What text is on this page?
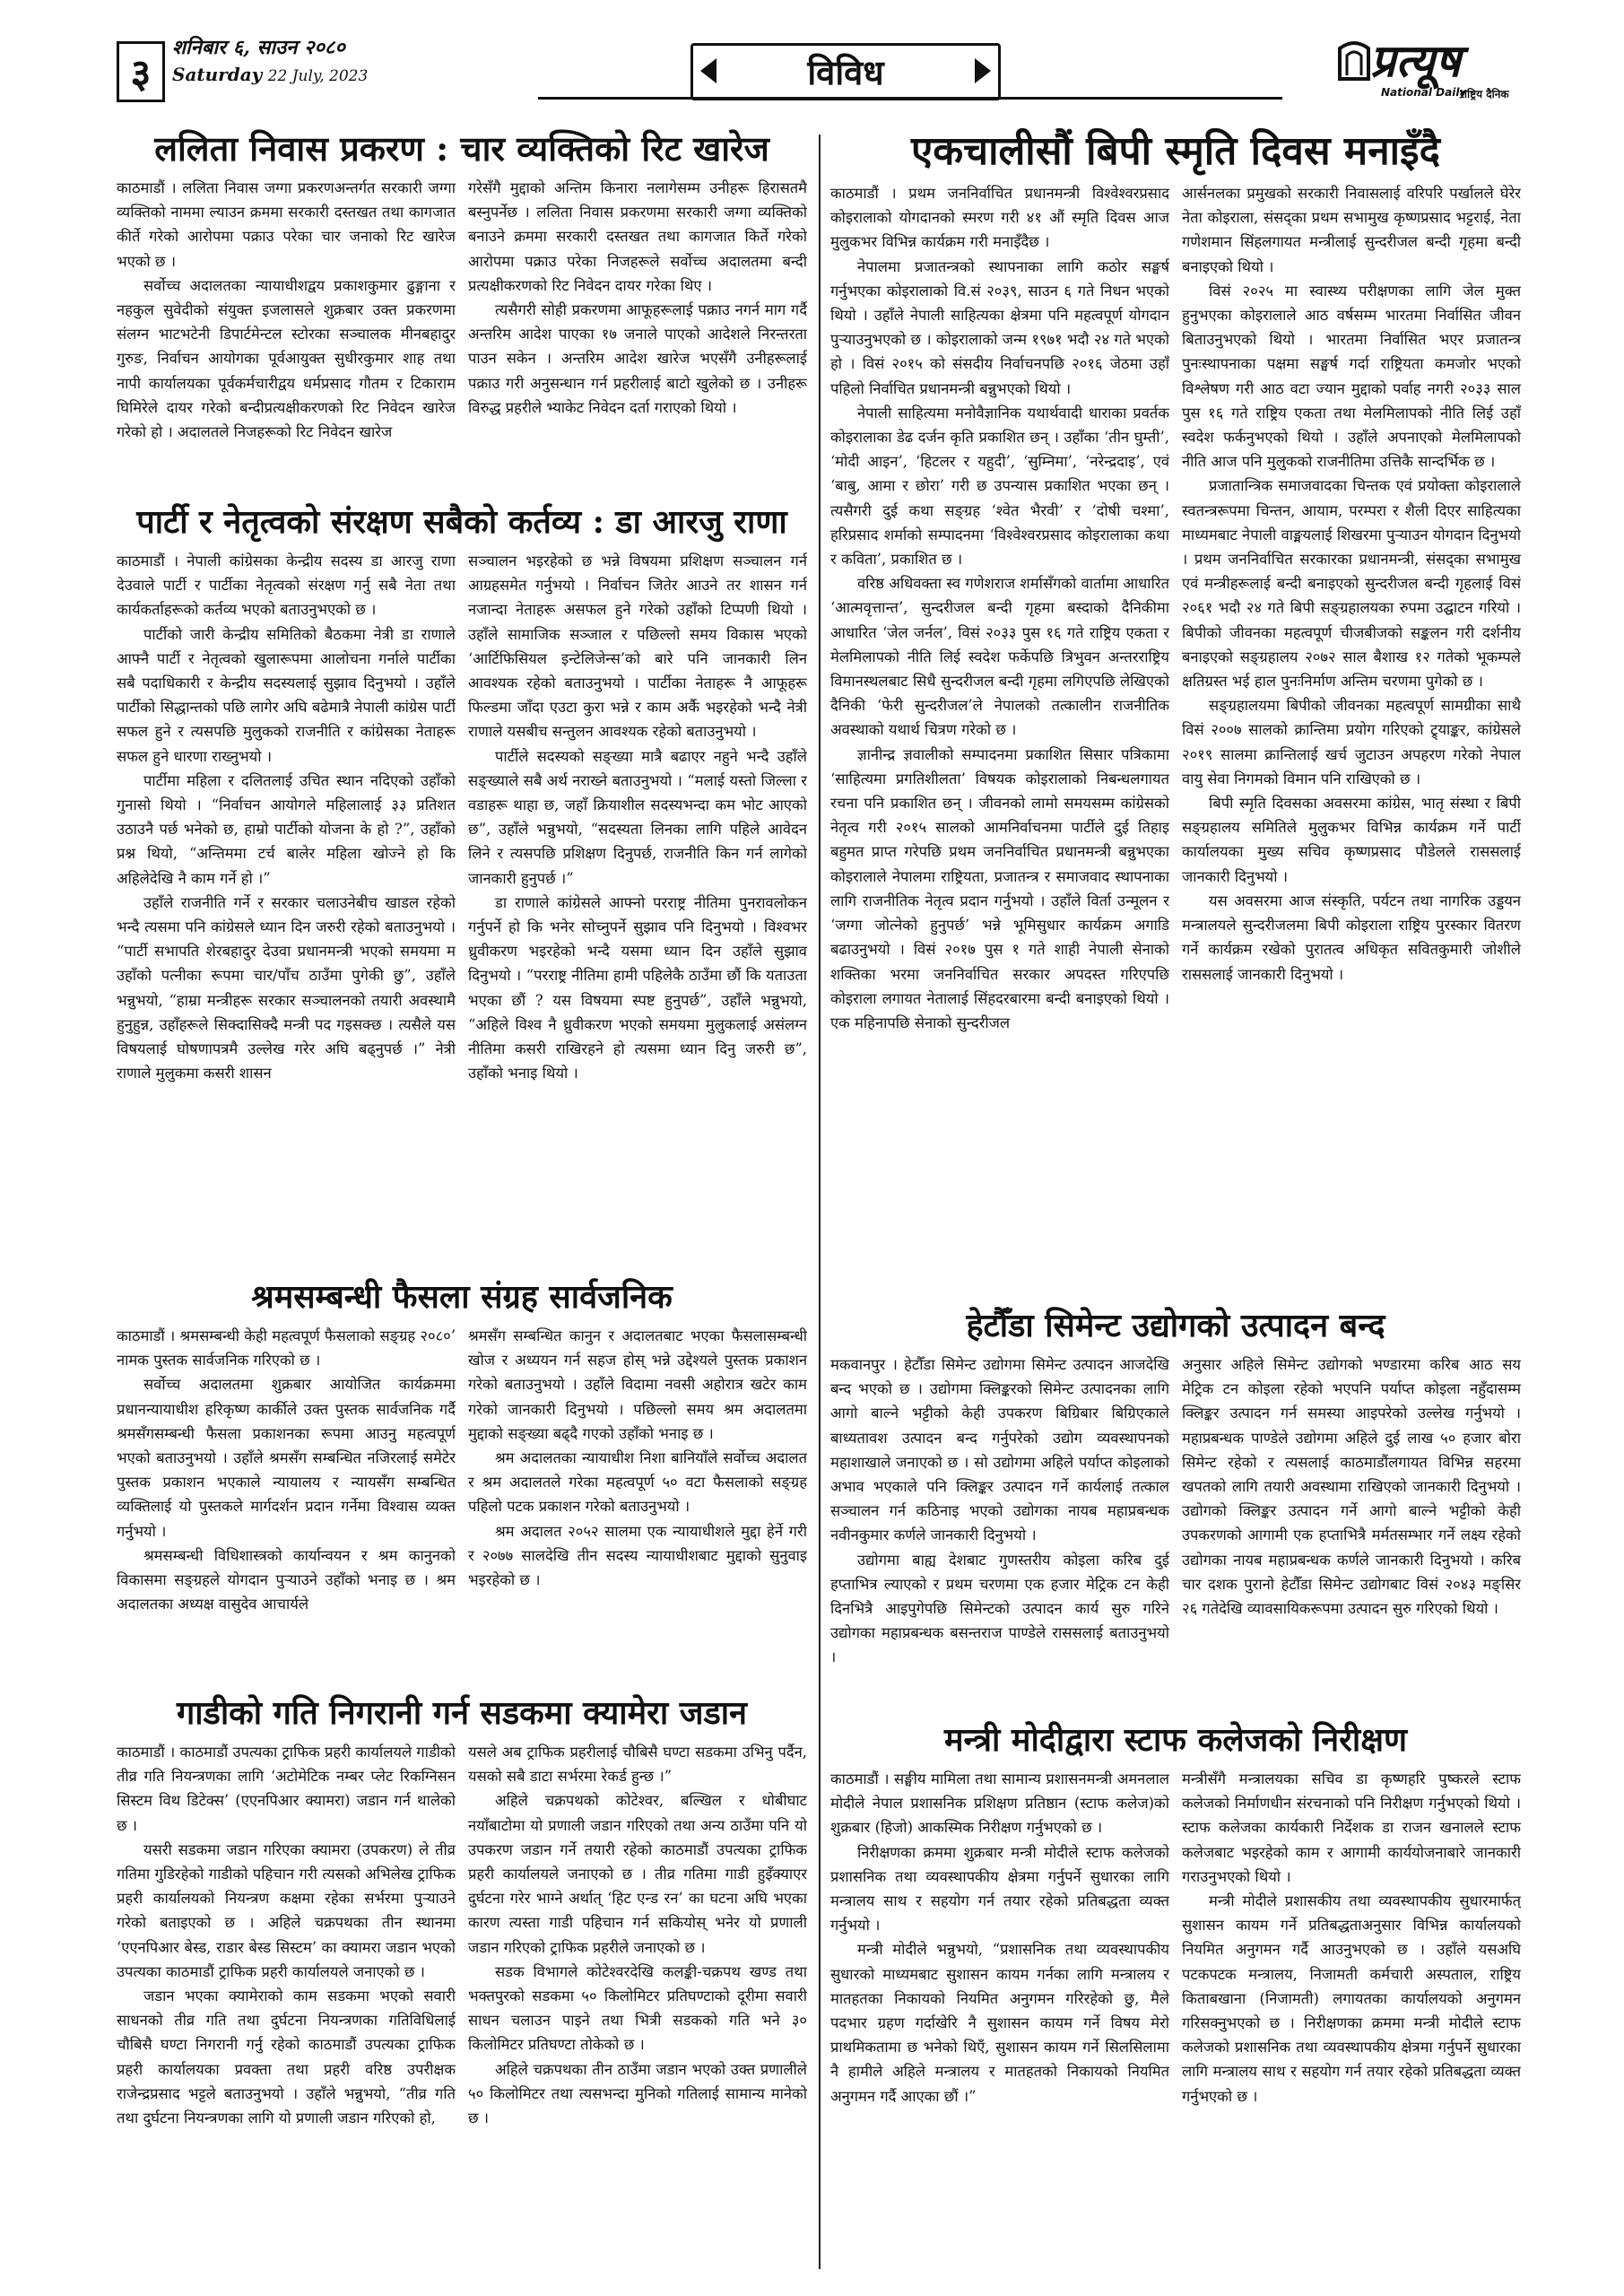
३
शनिबार ६, साउन २०८०
Saturday 22 July, 2023	विविध	प्रत्यूष
National Daily
राष्ट्रिय दैनिक
ललिता निवास प्रकरण : चार व्यक्तिको रिट खारेज

काठमाडौं । ललिता निवास जग्गा प्रकरणअन्तर्गत सरकारी जग्गा व्यक्तिको नाममा ल्याउन क्रममा सरकारी दस्तखत तथा कागजात कीर्ते गरेको आरोपमा पक्राउ परेका चार जनाको रिट खारेज भएको छ ।

सर्वोच्च अदालतका न्यायाधीशद्वय प्रकाशकुमार ढुङ्गाना र नहकुल सुवेदीको संयुक्त इजलासले शुक्रबार उक्त प्रकरणमा संलग्न भाटभटेनी डिपार्टमेन्टल स्टोरका सञ्चालक मीनबहादुर गुरुङ, निर्वाचन आयोगका पूर्वआयुक्त सुधीरकुमार शाह तथा नापी कार्यालयका पूर्वकर्मचारीद्वय धर्मप्रसाद गौतम र टिकाराम घिमिरेले दायर गरेको बन्दीप्रत्यक्षीकरणको रिट निवेदन खारेज गरेको हो । अदालतले निजहरूको रिट निवेदन खारेज

गरेसँगै मुद्दाको अन्तिम किनारा नलागेसम्म उनीहरू हिरासतमै बस्नुपर्नेछ । ललिता निवास प्रकरणमा सरकारी जग्गा व्यक्तिको बनाउने क्रममा सरकारी दस्तखत तथा कागजात किर्ते गरेको आरोपमा पक्राउ परेका निजहरूले सर्वोच्च अदालतमा बन्दी प्रत्यक्षीकरणको रिट निवेदन दायर गरेका थिए ।

त्यसैगरी सोही प्रकरणमा आफूहरूलाई पक्राउ नगर्न माग गर्दै अन्तरिम आदेश पाएका १७ जनाले पाएको आदेशले निरन्तरता पाउन सकेन । अन्तरिम आदेश खारेज भएसँगै उनीहरूलाई पक्राउ गरी अनुसन्धान गर्न प्रहरीलाई बाटो खुलेको छ । उनीहरू विरुद्ध प्रहरीले भ्याकेट निवेदन दर्ता गराएको थियो ।

पार्टी र नेतृत्वको संरक्षण सबैको कर्तव्य : डा आरजु राणा

काठमाडौं । नेपाली कांग्रेसका केन्द्रीय सदस्य डा आरजु राणा देउवाले पार्टी र पार्टीका नेतृत्वको संरक्षण गर्नु सबै नेता तथा कार्यकर्ताहरूको कर्तव्य भएको बताउनुभएको छ ।

पार्टीको जारी केन्द्रीय समितिको बैठकमा नेत्री डा राणाले आफ्नै पार्टी र नेतृत्वको खुलारूपमा आलोचना गर्नाले पार्टीका सबै पदाधिकारी र केन्द्रीय सदस्यलाई सुझाव दिनुभयो । उहाँले पार्टीको सिद्धान्तको पछि लागेर अघि बढेमात्रै नेपाली कांग्रेस पार्टी सफल हुने र त्यसपछि मुलुकको राजनीति र कांग्रेसका नेताहरू सफल हुने धारणा राख्नुभयो ।

पार्टीमा महिला र दलितलाई उचित स्थान नदिएको उहाँको गुनासो थियो । “निर्वाचन आयोगले महिलालाई ३३ प्रतिशत उठाउनै पर्छ भनेको छ, हाम्रो पार्टीको योजना के हो ?”, उहाँको प्रश्न थियो, “अन्तिममा टर्च बालेर महिला खोज्ने हो कि अहिलेदेखि नै काम गर्ने हो ।”

उहाँले राजनीति गर्ने र सरकार चलाउनेबीच खाडल रहेको भन्दै त्यसमा पनि कांग्रेसले ध्यान दिन जरुरी रहेको बताउनुभयो । “पार्टी सभापति शेरबहादुर देउवा प्रधानमन्त्री भएको समयमा म उहाँको पत्नीका रूपमा चार/पाँच ठाउँमा पुगेकी छु”, उहाँले भन्नुभयो, “हाम्रा मन्त्रीहरू सरकार सञ्चालनको तयारी अवस्थामै हुनुहुन्न, उहाँहरूले सिक्दासिक्दै मन्त्री पद गइसक्छ । त्यसैले यस विषयलाई घोषणापत्रमै उल्लेख गरेर अघि बढ्नुपर्छ ।” नेत्री राणाले मुलुकमा कसरी शासन

सञ्चालन भइरहेको छ भन्ने विषयमा प्रशिक्षण सञ्चालन गर्न आग्रहसमेत गर्नुभयो । निर्वाचन जितेर आउने तर शासन गर्न नजान्दा नेताहरू असफल हुने गरेको उहाँको टिप्पणी थियो । उहाँले सामाजिक सञ्जाल र पछिल्लो समय विकास भएको ‘आर्टिफिसियल इन्टेलिजेन्स’को बारे पनि जानकारी लिन आवश्यक रहेको बताउनुभयो । पार्टीका नेताहरू नै आफूहरू फिल्डमा जाँदा एउटा कुरा भन्ने र काम अर्कै भइरहेको भन्दै नेत्री राणाले यसबीच सन्तुलन आवश्यक रहेको बताउनुभयो ।

पार्टीले सदस्यको सङ्ख्या मात्रै बढाएर नहुने भन्दै उहाँले सङ्ख्याले सबै अर्थ नराख्ने बताउनुभयो । “मलाई यस्तो जिल्ला र वडाहरू थाहा छ, जहाँ क्रियाशील सदस्यभन्दा कम भोट आएको छ”, उहाँले भन्नुभयो, “सदस्यता लिनका लागि पहिले आवेदन लिने र त्यसपछि प्रशिक्षण दिनुपर्छ, राजनीति किन गर्न लागेको जानकारी हुनुपर्छ ।”

डा राणाले कांग्रेसले आफ्नो परराष्ट्र नीतिमा पुनरावलोकन गर्नुपर्ने हो कि भनेर सोच्नुपर्ने सुझाव पनि दिनुभयो । विश्वभर ध्रुवीकरण भइरहेको भन्दै यसमा ध्यान दिन उहाँले सुझाव दिनुभयो । “परराष्ट्र नीतिमा हामी पहिलेकै ठाउँमा छौं कि यताउता भएका छौं ? यस विषयमा स्पष्ट हुनुपर्छ”, उहाँले भन्नुभयो, “अहिले विश्व नै ध्रुवीकरण भएको समयमा मुलुकलाई असंलग्न नीतिमा कसरी राखिरहने हो त्यसमा ध्यान दिनु जरुरी छ”, उहाँको भनाइ थियो ।

श्रमसम्बन्धी फैसला संग्रह सार्वजनिक

काठमाडौं । श्रमसम्बन्धी केही महत्वपूर्ण फैसलाको सङ्ग्रह २०८०’ नामक पुस्तक सार्वजनिक गरिएको छ ।

सर्वोच्च अदालतमा शुक्रबार आयोजित कार्यक्रममा प्रधानन्यायाधीश हरिकृष्ण कार्कीले उक्त पुस्तक सार्वजनिक गर्दै श्रमसँगसम्बन्धी फैसला प्रकाशनका रूपमा आउनु महत्वपूर्ण भएको बताउनुभयो । उहाँले श्रमसँग सम्बन्धित नजिरलाई समेटेर पुस्तक प्रकाशन भएकाले न्यायालय र न्यायसँग सम्बन्धित व्यक्तिलाई यो पुस्तकले मार्गदर्शन प्रदान गर्नेमा विश्वास व्यक्त गर्नुभयो ।

श्रमसम्बन्धी विधिशास्त्रको कार्यान्वयन र श्रम कानुनको विकासमा सङ्ग्रहले योगदान पुर्‍याउने उहाँको भनाइ छ । श्रम अदालतका अध्यक्ष वासुदेव आचार्यले

श्रमसँग सम्बन्धित कानुन र अदालतबाट भएका फैसलासम्बन्धी खोज र अध्ययन गर्न सहज होस् भन्ने उद्देश्यले पुस्तक प्रकाशन गरेको बताउनुभयो । उहाँले विदामा नवसी अहोरात्र खटेर काम गरेको जानकारी दिनुभयो । पछिल्लो समय श्रम अदालतमा मुद्दाको सङ्ख्या बढ्दै गएको उहाँको भनाइ छ ।

श्रम अदालतका न्यायाधीश निशा बानियाँले सर्वोच्च अदालत र श्रम अदालतले गरेका महत्वपूर्ण ५० वटा फैसलाको सङ्ग्रह पहिलो पटक प्रकाशन गरेको बताउनुभयो ।

श्रम अदालत २०५२ सालमा एक न्यायाधीशले मुद्दा हेर्ने गरी र २०७७ सालदेखि तीन सदस्य न्यायाधीशबाट मुद्दाको सुनुवाइ भइरहेको छ ।

गाडीको गति निगरानी गर्न सडकमा क्यामेरा जडान

काठमाडौं । काठमाडौं उपत्यका ट्राफिक प्रहरी कार्यालयले गाडीको तीव्र गति नियन्त्रणका लागि ‘अटोमेटिक नम्बर प्लेट रिकग्निसन सिस्टम विथ डिटेक्स’ (एएनपिआर क्यामरा) जडान गर्न थालेको छ ।

यसरी सडकमा जडान गरिएका क्यामरा (उपकरण) ले तीव्र गतिमा गुडिरहेको गाडीको पहिचान गरी त्यसको अभिलेख ट्राफिक प्रहरी कार्यालयको नियन्त्रण कक्षमा रहेका सर्भरमा पुऱ्याउने गरेको बताइएको छ । अहिले चक्रपथका तीन स्थानमा ‘एएनपिआर बेस्ड, राडार बेस्ड सिस्टम’ का क्यामरा जडान भएको उपत्यका काठमाडौं ट्राफिक प्रहरी कार्यालयले जनाएको छ ।

जडान भएका क्यामेराको काम सडकमा भएको सवारी साधनको तीव्र गति तथा दुर्घटना नियन्त्रणका गतिविधिलाई चौबिसै घण्टा निगरानी गर्नु रहेको काठमाडौं उपत्यका ट्राफिक प्रहरी कार्यालयका प्रवक्ता तथा प्रहरी वरिष्ठ उपरीक्षक राजेन्द्रप्रसाद भट्टले बताउनुभयो । उहाँले भन्नुभयो, “तीव्र गति तथा दुर्घटना नियन्त्रणका लागि यो प्रणाली जडान गरिएको हो,

यसले अब ट्राफिक प्रहरीलाई चौबिसै घण्टा सडकमा उभिनु पर्दैन, यसको सबै डाटा सर्भरमा रेकर्ड हुन्छ ।”

अहिले चक्रपथको कोटेश्वर, बल्खिल र धोबीघाट नयाँबाटोमा यो प्रणाली जडान गरिएको तथा अन्य ठाउँमा पनि यो उपकरण जडान गर्ने तयारी रहेको काठमाडौं उपत्यका ट्राफिक प्रहरी कार्यालयले जनाएको छ । तीव्र गतिमा गाडी हुइँक्याएर दुर्घटना गरेर भाग्ने अर्थात् ‘हिट एन्ड रन’ का घटना अघि भएका कारण त्यस्ता गाडी पहिचान गर्न सकियोस् भनेर यो प्रणाली जडान गरिएको ट्राफिक प्रहरीले जनाएको छ ।

सडक विभागले कोटेश्वरदेखि कलङ्की-चक्रपथ खण्ड तथा भक्तपुरको सडकमा ५० किलोमिटर प्रतिघण्टाको दूरीमा सवारी साधन चलाउन पाइने तथा भित्री सडकको गति भने ३० किलोमिटर प्रतिघण्टा तोकेको छ ।

अहिले चक्रपथका तीन ठाउँमा जडान भएको उक्त प्रणालीले ५० किलोमिटर तथा त्यसभन्दा मुनिको गतिलाई सामान्य मानेको छ ।

एकचालीसौं बिपी स्मृति दिवस मनाइँदै

काठमाडौं । प्रथम जननिर्वाचित प्रधानमन्त्री विश्वेश्वरप्रसाद कोइरालाको योगदानको स्मरण गरी ४१ औं स्मृति दिवस आज मुलुकभर विभिन्न कार्यक्रम गरी मनाइँदैछ ।

नेपालमा प्रजातन्त्रको स्थापनाका लागि कठोर सङ्घर्ष गर्नुभएका कोइरालाको वि.सं २०३९, साउन ६ गते निधन भएको थियो । उहाँले नेपाली साहित्यका क्षेत्रमा पनि महत्वपूर्ण योगदान पुर्‍याउनुभएको छ । कोइरालाको जन्म १९७१ भदौ २४ गते भएको हो । विसं २०१५ को संसदीय निर्वाचनपछि २०१६ जेठमा उहाँ पहिलो निर्वाचित प्रधानमन्त्री बन्नुभएको थियो ।

नेपाली साहित्यमा मनोवैज्ञानिक यथार्थवादी धाराका प्रवर्तक कोइरालाका डेढ दर्जन कृति प्रकाशित छन् । उहाँका ‘तीन घुम्ती’, ‘मोदी आइन’, ‘हिटलर र यहुदी’, ‘सुम्निमा’, ‘नरेन्द्रदाइ’, एवं ‘बाबु, आमा र छोरा’ गरी छ उपन्यास प्रकाशित भएका छन् । त्यसैगरी दुई कथा सङ्ग्रह ‘श्वेत भैरवी’ र ‘दोषी चश्मा’, हरिप्रसाद शर्माको सम्पादनमा ‘विश्वेश्वरप्रसाद कोइरालाका कथा र कविता’, प्रकाशित छ ।

वरिष्ठ अधिवक्ता स्व गणेशराज शर्मासँगको वार्तामा आधारित ‘आत्मवृत्तान्त’, सुन्दरीजल बन्दी गृहमा बस्दाको दैनिकीमा आधारित ‘जेल जर्नल’, विसं २०३३ पुस १६ गते राष्ट्रिय एकता र मेलमिलापको नीति लिई स्वदेश फर्केपछि त्रिभुवन अन्तरराष्ट्रिय विमानस्थलबाट सिधै सुन्दरीजल बन्दी गृहमा लगिएपछि लेखिएको दैनिकी ‘फेरी सुन्दरीजल’ले नेपालको तत्कालीन राजनीतिक अवस्थाको यथार्थ चित्रण गरेको छ ।

ज्ञानीन्द्र ज्ञवालीको सम्पादनमा प्रकाशित सिसार पत्रिकामा ‘साहित्यमा प्रगतिशीलता’ विषयक कोइरालाको निबन्धलगायत रचना पनि प्रकाशित छन् । जीवनको लामो समयसम्म कांग्रेसको नेतृत्व गरी २०१५ सालको आमनिर्वाचनमा पार्टीले दुई तिहाइ बहुमत प्राप्त गरेपछि प्रथम जननिर्वाचित प्रधानमन्त्री बन्नुभएका कोइरालाले नेपालमा राष्ट्रियता, प्रजातन्त्र र समाजवाद स्थापनाका लागि राजनीतिक नेतृत्व प्रदान गर्नुभयो । उहाँले विर्ता उन्मूलन र ‘जग्गा जोत्नेको हुनुपर्छ’ भन्ने भूमिसुधार कार्यक्रम अगाडि बढाउनुभयो । विसं २०१७ पुस १ गते शाही नेपाली सेनाको शक्तिका भरमा जननिर्वाचित सरकार अपदस्त गरिएपछि कोइराला लगायत नेतालाई सिंहदरबारमा बन्दी बनाइएको थियो । एक महिनापछि सेनाको सुन्दरीजल

आर्सनलका प्रमुखको सरकारी निवासलाई वरिपरि पर्खालले घेरेर नेता कोइराला, संसद्का प्रथम सभामुख कृष्णप्रसाद भट्टराई, नेता गणेशमान सिंहलगायत मन्त्रीलाई सुन्दरीजल बन्दी गृहमा बन्दी बनाइएको थियो ।

विसं २०२५ मा स्वास्थ्य परीक्षणका लागि जेल मुक्त हुनुभएका कोइरालाले आठ वर्षसम्म भारतमा निर्वासित जीवन बिताउनुभएको थियो । भारतमा निर्वासित भएर प्रजातन्त्र पुनःस्थापनाका पक्षमा सङ्घर्ष गर्दा राष्ट्रियता कमजोर भएको विश्लेषण गरी आठ वटा ज्यान मुद्दाको पर्वाह नगरी २०३३ साल पुस १६ गते राष्ट्रिय एकता तथा मेलमिलापको नीति लिई उहाँ स्वदेश फर्कनुभएको थियो । उहाँले अपनाएको मेलमिलापको नीति आज पनि मुलुकको राजनीतिमा उत्तिकै सान्दर्भिक छ ।

प्रजातान्त्रिक समाजवादका चिन्तक एवं प्रयोक्ता कोइरालाले स्वतन्त्ररूपमा चिन्तन, आयाम, परम्परा र शैली दिएर साहित्यका माध्यमबाट नेपाली वाङ्मयलाई शिखरमा पुर्‍याउन योगदान दिनुभयो । प्रथम जननिर्वाचित सरकारका प्रधानमन्त्री, संसद्का सभामुख एवं मन्त्रीहरूलाई बन्दी बनाइएको सुन्दरीजल बन्दी गृहलाई विसं २०६१ भदौ २४ गते बिपी सङ्ग्रहालयका रुपमा उद्घाटन गरियो । बिपीको जीवनका महत्वपूर्ण चीजबीजको सङ्कलन गरी दर्शनीय बनाइएको सङ्ग्रहालय २०७२ साल बैशाख १२ गतेको भूकम्पले क्षतिग्रस्त भई हाल पुनःनिर्माण अन्तिम चरणमा पुगेको छ ।

सङ्ग्रहालयमा बिपीको जीवनका महत्वपूर्ण सामग्रीका साथै विसं २००७ सालको क्रान्तिमा प्रयोग गरिएको ट्र्याङ्कर, कांग्रेसले २०१९ सालमा क्रान्तिलाई खर्च जुटाउन अपहरण गरेको नेपाल वायु सेवा निगमको विमान पनि राखिएको छ ।

बिपी स्मृति दिवसका अवसरमा कांग्रेस, भातृ संस्था र बिपी सङ्ग्रहालय समितिले मुलुकभर विभिन्न कार्यक्रम गर्ने पार्टी कार्यालयका मुख्य सचिव कृष्णप्रसाद पौडेलले राससलाई जानकारी दिनुभयो ।

यस अवसरमा आज संस्कृति, पर्यटन तथा नागरिक उड्डयन मन्त्रालयले सुन्दरीजलमा बिपी कोइराला राष्ट्रिय पुरस्कार वितरण गर्ने कार्यक्रम रखेको पुरातत्व अधिकृत सवितकुमारी जोशीले राससलाई जानकारी दिनुभयो ।

हेटौँडा सिमेन्ट उद्योगको उत्पादन बन्द

मकवानपुर । हेटौँडा सिमेन्ट उद्योगमा सिमेन्ट उत्पादन आजदेखि बन्द भएको छ । उद्योगमा क्लिङ्करको सिमेन्ट उत्पादनका लागि आगो बाल्ने भट्टीको केही उपकरण बिग्रिबार बिग्रिएकाले बाध्यतावश उत्पादन बन्द गर्नुपरेको उद्योग व्यवस्थापनको महाशाखाले जनाएको छ । सो उद्योगमा अहिले पर्याप्त कोइलाको अभाव भएकाले पनि क्लिङ्कर उत्पादन गर्ने कार्यलाई तत्काल सञ्चालन गर्न कठिनाइ भएको उद्योगका नायब महाप्रबन्धक नवीनकुमार कर्णले जानकारी दिनुभयो ।

उद्योगमा बाह्य देशबाट गुणस्तरीय कोइला करिब दुई हप्ताभित्र ल्याएको र प्रथम चरणमा एक हजार मेट्रिक टन केही दिनभित्रै आइपुगेपछि सिमेन्टको उत्पादन कार्य सुरु गरिने उद्योगका महाप्रबन्धक बसन्तराज पाण्डेले राससलाई बताउनुभयो ।

अनुसार अहिले सिमेन्ट उद्योगको भण्डारमा करिब आठ सय मेट्रिक टन कोइला रहेको भएपनि पर्याप्त कोइला नहुँदासम्म क्लिङ्कर उत्पादन गर्न समस्या आइपरेको उल्लेख गर्नुभयो । महाप्रबन्धक पाण्डेले उद्योगमा अहिले दुई लाख ५० हजार बोरा सिमेन्ट रहेको र त्यसलाई काठमाडौंलगायत विभिन्न सहरमा खपतको लागि तयारी अवस्थामा राखिएको जानकारी दिनुभयो । उद्योगको क्लिङ्कर उत्पादन गर्ने आगो बाल्ने भट्टीको केही उपकरणको आगामी एक हप्ताभित्रै मर्मतसम्भार गर्ने लक्ष्य रहेको उद्योगका नायब महाप्रबन्धक कर्णले जानकारी दिनुभयो । करिब चार दशक पुरानो हेटौँडा सिमेन्ट उद्योगबाट विसं २०४३ मङ्सिर २६ गतेदेखि व्यावसायिकरूपमा उत्पादन सुरु गरिएको थियो ।

मन्त्री मोदीद्वारा स्टाफ कलेजको निरीक्षण

काठमाडौं । सङ्घीय मामिला तथा सामान्य प्रशासनमन्त्री अमनलाल मोदीले नेपाल प्रशासनिक प्रशिक्षण प्रतिष्ठान (स्टाफ कलेज)को शुक्रबार (हिजो) आकस्मिक निरीक्षण गर्नुभएको छ ।

निरीक्षणका क्रममा शुक्रबार मन्त्री मोदीले स्टाफ कलेजको प्रशासनिक तथा व्यवस्थापकीय क्षेत्रमा गर्नुपर्ने सुधारका लागि मन्त्रालय साथ र सहयोग गर्न तयार रहेको प्रतिबद्धता व्यक्त गर्नुभयो ।

मन्त्री मोदीले भन्नुभयो, “प्रशासनिक तथा व्यवस्थापकीय सुधारको माध्यमबाट सुशासन कायम गर्नका लागि मन्त्रालय र मातहतका निकायको नियमित अनुगमन गरिरहेको छु, मैले पदभार ग्रहण गर्दाखेरि नै सुशासन कायम गर्ने विषय मेरो प्राथमिकतामा छ भनेको थिएँ, सुशासन कायम गर्ने सिलसिलामा नै हामीले अहिले मन्त्रालय र मातहतको निकायको नियमित अनुगमन गर्दै आएका छौं ।”

मन्त्रीसँगै मन्त्रालयका सचिव डा कृष्णहरि पुष्करले स्टाफ कलेजको निर्माणधीन संरचनाको पनि निरीक्षण गर्नुभएको थियो । स्टाफ कलेजका कार्यकारी निर्देशक डा राजन खनालले स्टाफ कलेजबाट भइरहेको काम र आगामी कार्ययोजनाबारे जानकारी गराउनुभएको थियो ।

मन्त्री मोदीले प्रशासकीय तथा व्यवस्थापकीय सुधारमार्फत् सुशासन कायम गर्ने प्रतिबद्धताअनुसार विभिन्न कार्यालयको नियमित अनुगमन गर्दै आउनुभएको छ । उहाँले यसअघि पटकपटक मन्त्रालय, निजामती कर्मचारी अस्पताल, राष्ट्रिय किताबखाना (निजामती) लगायतका कार्यालयको अनुगमन गरिसक्नुभएको छ । निरीक्षणका क्रममा मन्त्री मोदीले स्टाफ कलेजको प्रशासनिक तथा व्यवस्थापकीय क्षेत्रमा गर्नुपर्ने सुधारका लागि मन्त्रालय साथ र सहयोग गर्न तयार रहेको प्रतिबद्धता व्यक्त गर्नुभएको छ ।
